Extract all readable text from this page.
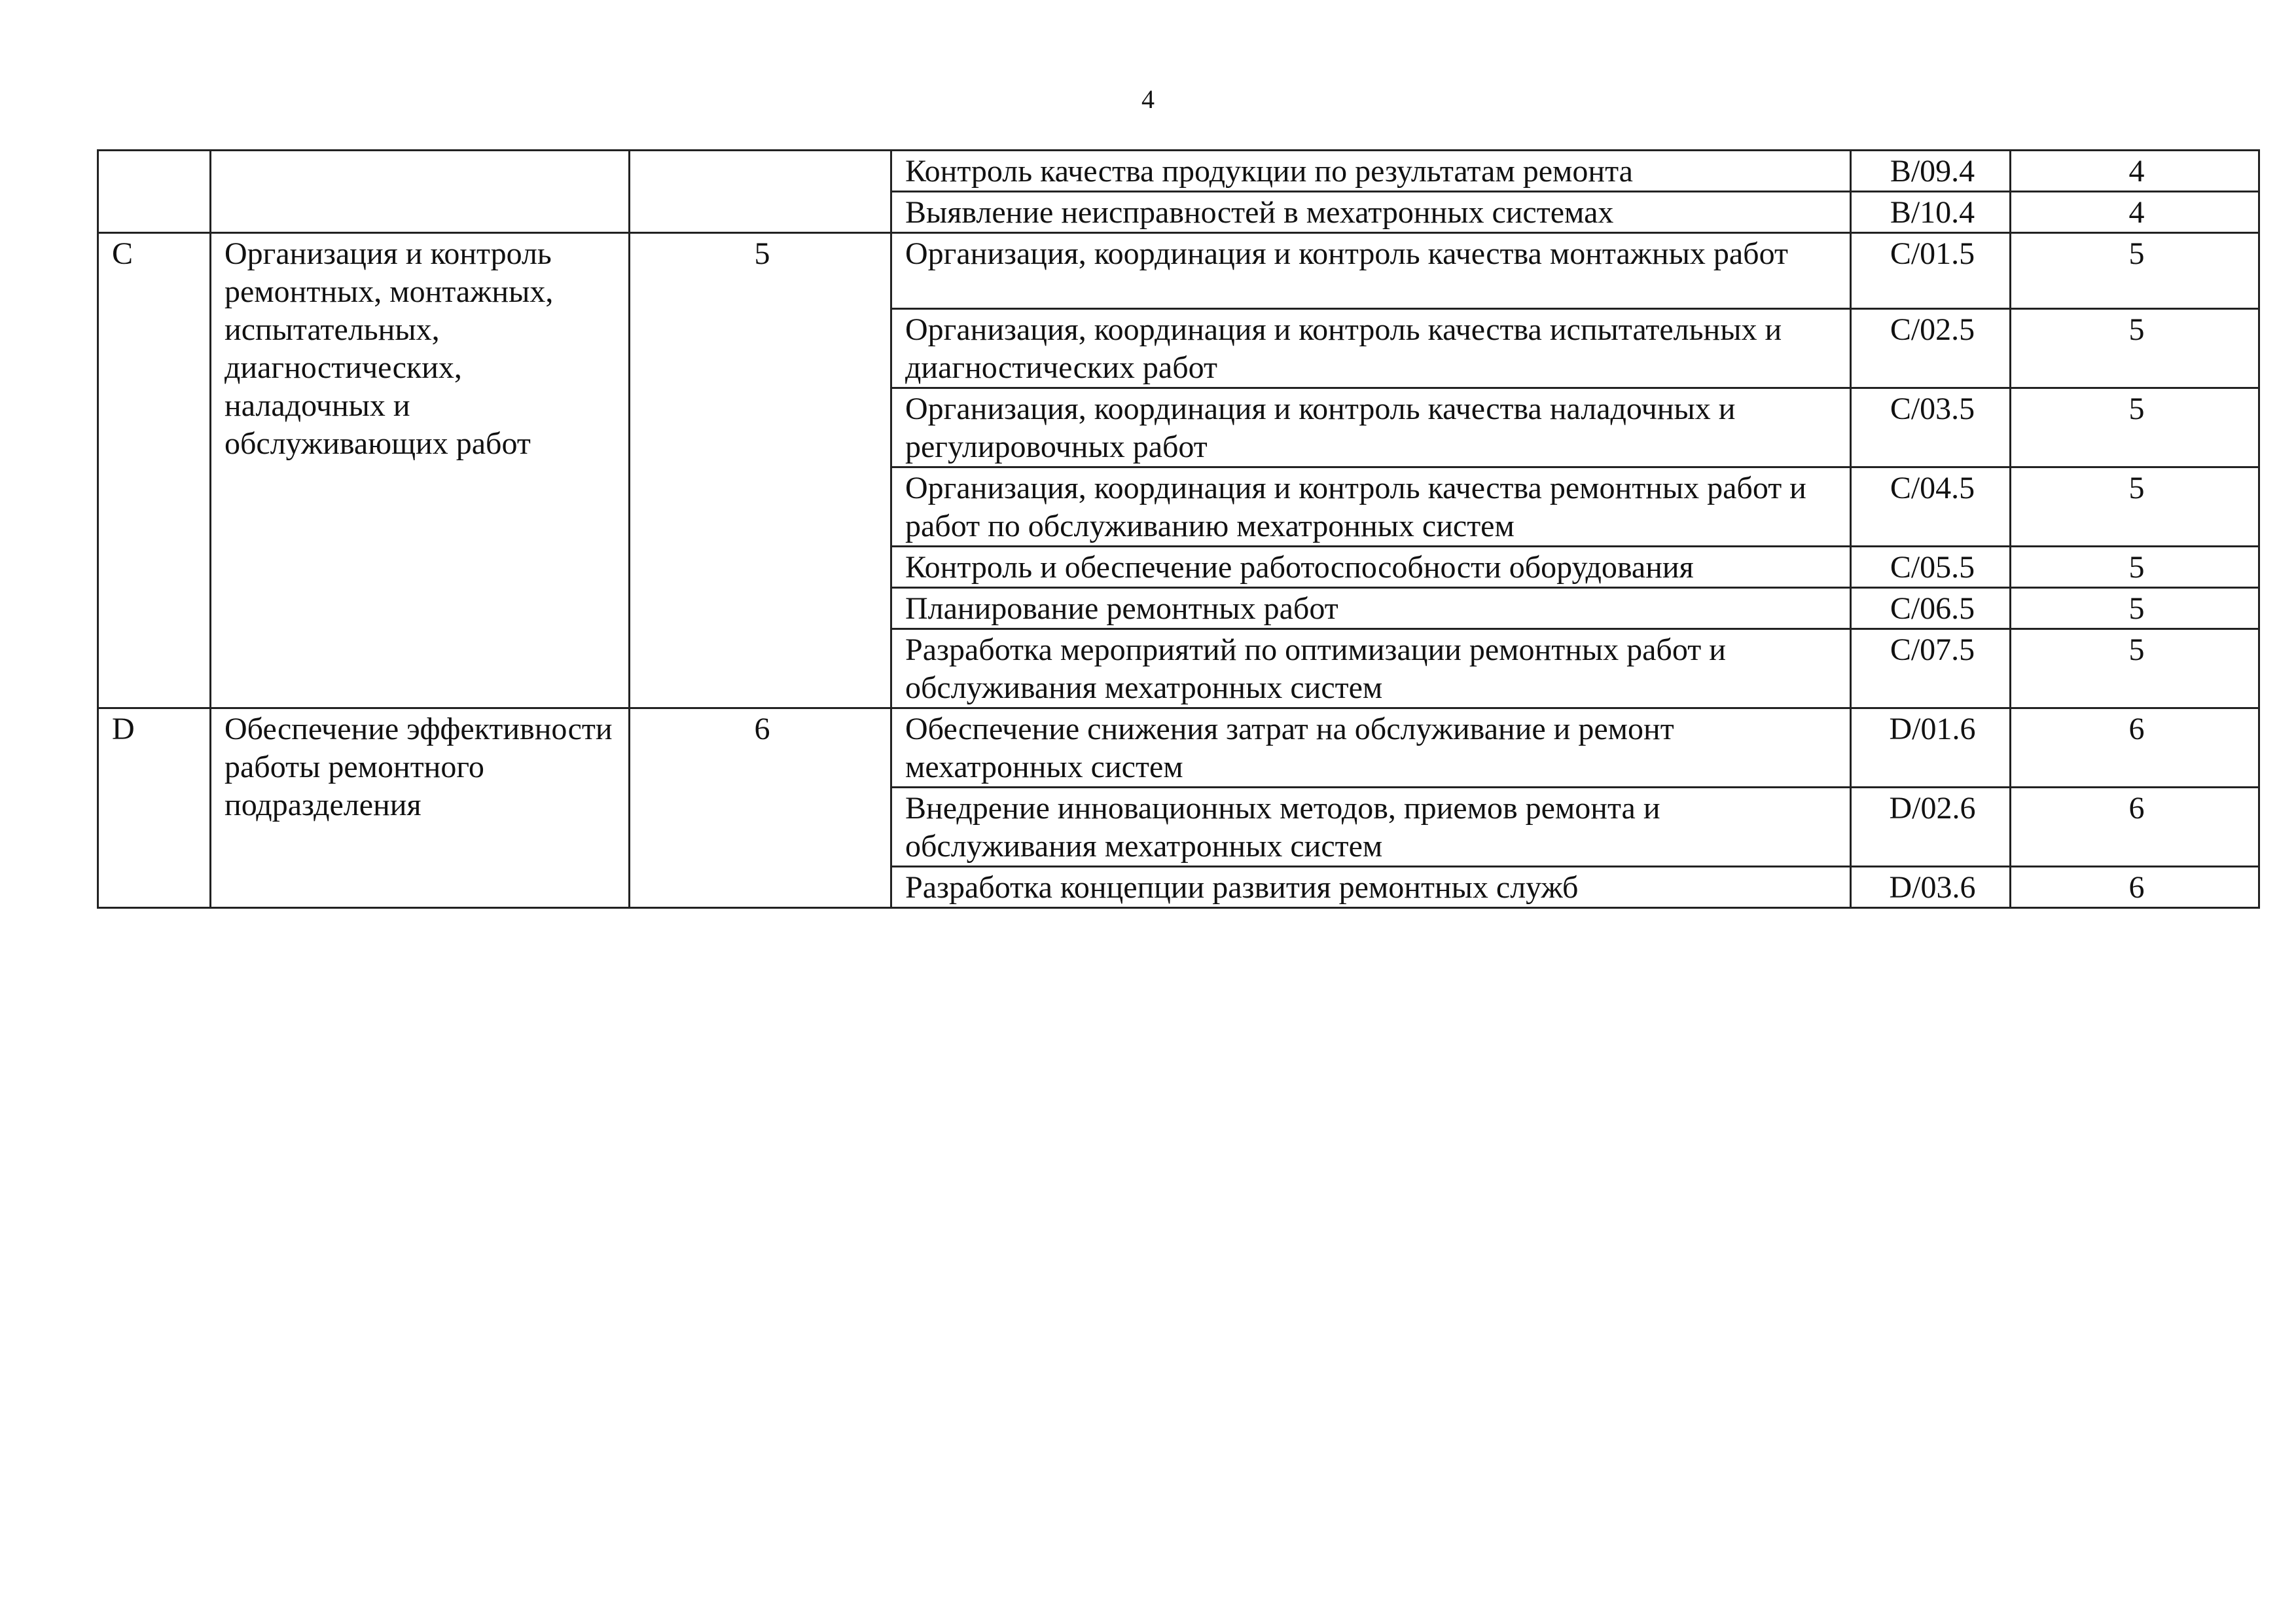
4
			Контроль качества продукции по результатам ремонта	B/09.4	4
			Выявление неисправностей в мехатронных системах	B/10.4	4
C	Организация и контроль ремонтных, монтажных, испытательных, диагностических, наладочных и обслуживающих работ	5	Организация, координация и контроль качества монтажных работ	C/01.5	5
			Организация, координация и контроль качества испытательных и диагностических работ	C/02.5	5
			Организация, координация и контроль качества наладочных и регулировочных работ	C/03.5	5
			Организация, координация и контроль качества ремонтных работ и работ по обслуживанию мехатронных систем	C/04.5	5
			Контроль и обеспечение работоспособности оборудования	C/05.5	5
			Планирование ремонтных работ	C/06.5	5
			Разработка мероприятий по оптимизации ремонтных работ и обслуживания мехатронных систем	C/07.5	5
D	Обеспечение эффективности работы ремонтного подразделения	6	Обеспечение снижения затрат на обслуживание и ремонт мехатронных систем	D/01.6	6
			Внедрение инновационных методов, приемов ремонта и обслуживания мехатронных систем	D/02.6	6
			Разработка концепции развития ремонтных служб	D/03.6	6
